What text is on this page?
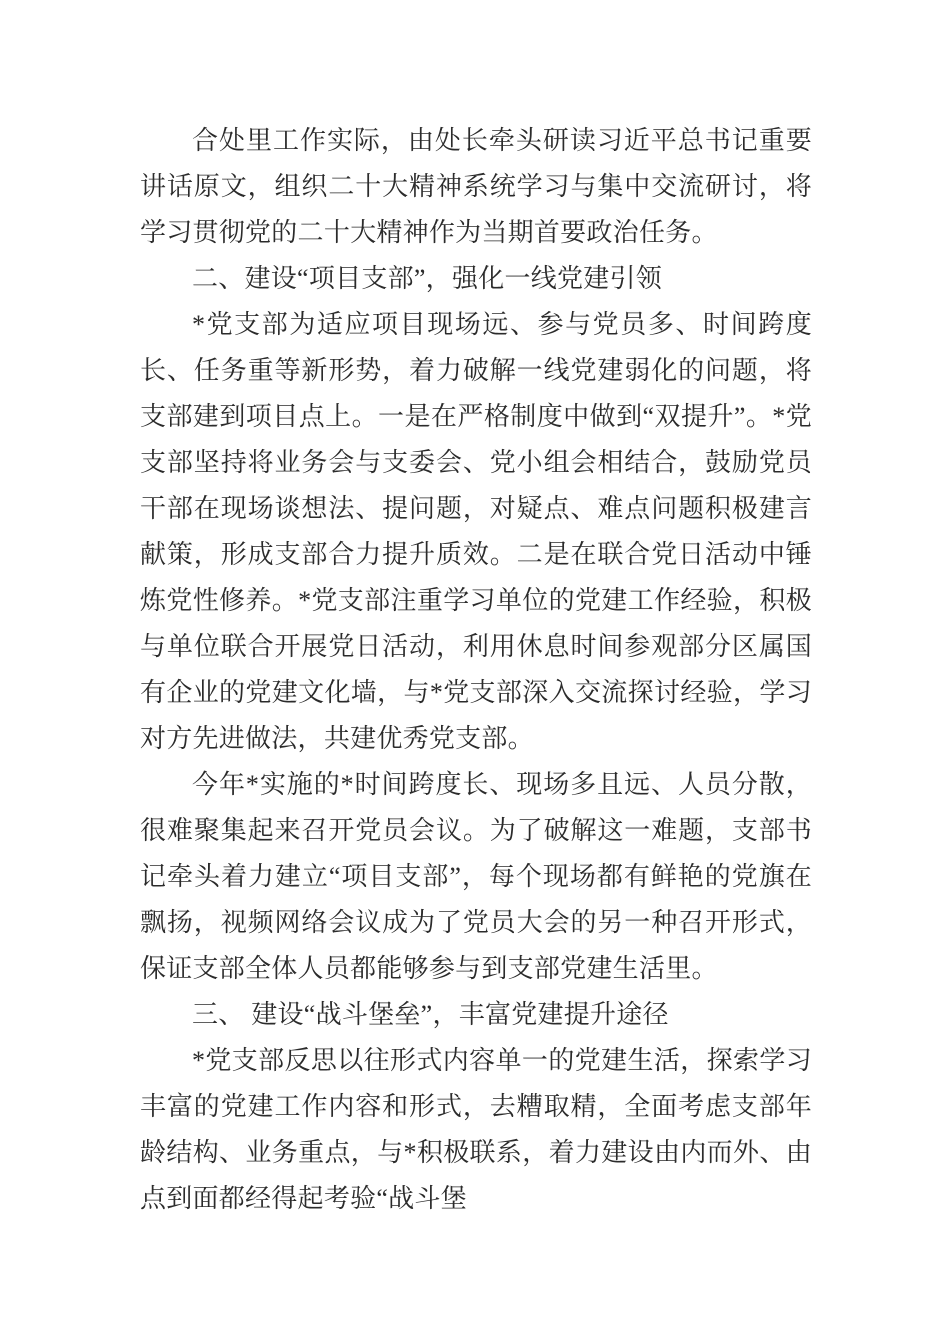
合处里工作实际，由处长牵头研读习近平总书记重要讲话原文，组织二十大精神系统学习与集中交流研讨，将学习贯彻党的二十大精神作为当期首要政治任务。

二、建设“项目支部”，强化一线党建引领

*党支部为适应项目现场远、参与党员多、时间跨度长、任务重等新形势，着力破解一线党建弱化的问题，将支部建到项目点上。一是在严格制度中做到“双提升”。*党支部坚持将业务会与支委会、党小组会相结合，鼓励党员干部在现场谈想法、提问题，对疑点、难点问题积极建言献策，形成支部合力提升质效。二是在联合党日活动中锤炼党性修养。*党支部注重学习单位的党建工作经验，积极与单位联合开展党日活动，利用休息时间参观部分区属国有企业的党建文化墙，与*党支部深入交流探讨经验，学习对方先进做法，共建优秀党支部。

今年*实施的*时间跨度长、现场多且远、人员分散，很难聚集起来召开党员会议。为了破解这一难题，支部书记牵头着力建立“项目支部”，每个现场都有鲜艳的党旗在飘扬，视频网络会议成为了党员大会的另一种召开形式，保证支部全体人员都能够参与到支部党建生活里。

三、 建设“战斗堡垒”，丰富党建提升途径

*党支部反思以往形式内容单一的党建生活，探索学习丰富的党建工作内容和形式，去糟取精，全面考虑支部年龄结构、业务重点，与*积极联系，着力建设由内而外、由点到面都经得起考验“战斗堡
